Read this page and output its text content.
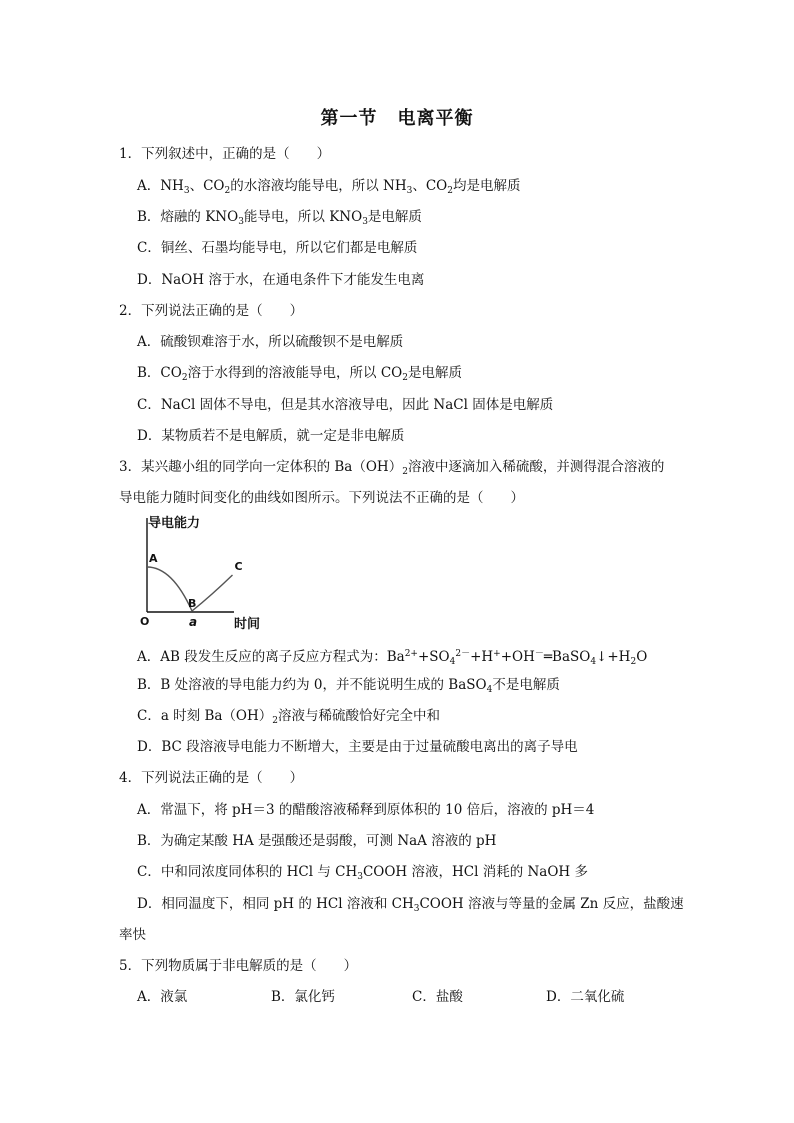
第一节 电离平衡
1．下列叙述中，正确的是（　　）
A．$NH_3$、$CO_2$的水溶液均能导电，所以 $NH_3$、$CO_2$均是电解质
B．熔融的 $KNO_3$能导电，所以 $KNO_3$是电解质
C．铜丝、石墨均能导电，所以它们都是电解质
D．NaOH 溶于水，在通电条件下才能发生电离
2．下列说法正确的是（　　）
A．硫酸钡难溶于水，所以硫酸钡不是电解质
B．$CO_2$溶于水得到的溶液能导电，所以 $CO_2$是电解质
C．NaCl 固体不导电，但是其水溶液导电，因此 NaCl 固体是电解质
D．某物质若不是电解质，就一定是非电解质
3．某兴趣小组的同学向一定体积的 $Ba(OH)_2$溶液中逐滴加入稀硫酸，并测得混合溶液的
导电能力随时间变化的曲线如图所示。下列说法不正确的是（　　）
导电能力
O	时间
A
B
C
a
A．AB 段发生反应的离子反应方程式为：$Ba^{2+}+SO_4^{2-}+H^++OH^-═BaSO_4↓+H_2O$
B．B 处溶液的导电能力约为 0，并不能说明生成的 BaSO$_4$不是电解质
C．a 时刻 $Ba(OH)_2$溶液与稀硫酸恰好完全中和
D．BC 段溶液导电能力不断增大，主要是由于过量硫酸电离出的离子导电
4．下列说法正确的是（　　）
A．常温下，将 pH＝3 的醋酸溶液稀释到原体积的 10 倍后，溶液的 pH＝4
B．为确定某酸 HA 是强酸还是弱酸，可测 NaA 溶液的 pH
C．中和同浓度同体积的 HCl 与 $CH_3COOH$ 溶液，HCl 消耗的 NaOH 多
D．相同温度下，相同 pH 的 HCl 溶液和 $CH_3COOH$ 溶液与等量的金属 Zn 反应，盐酸速
率快
5．下列物质属于非电解质的是（　　）
A．液氯	B．氯化钙	C．盐酸	D．二氧化硫
